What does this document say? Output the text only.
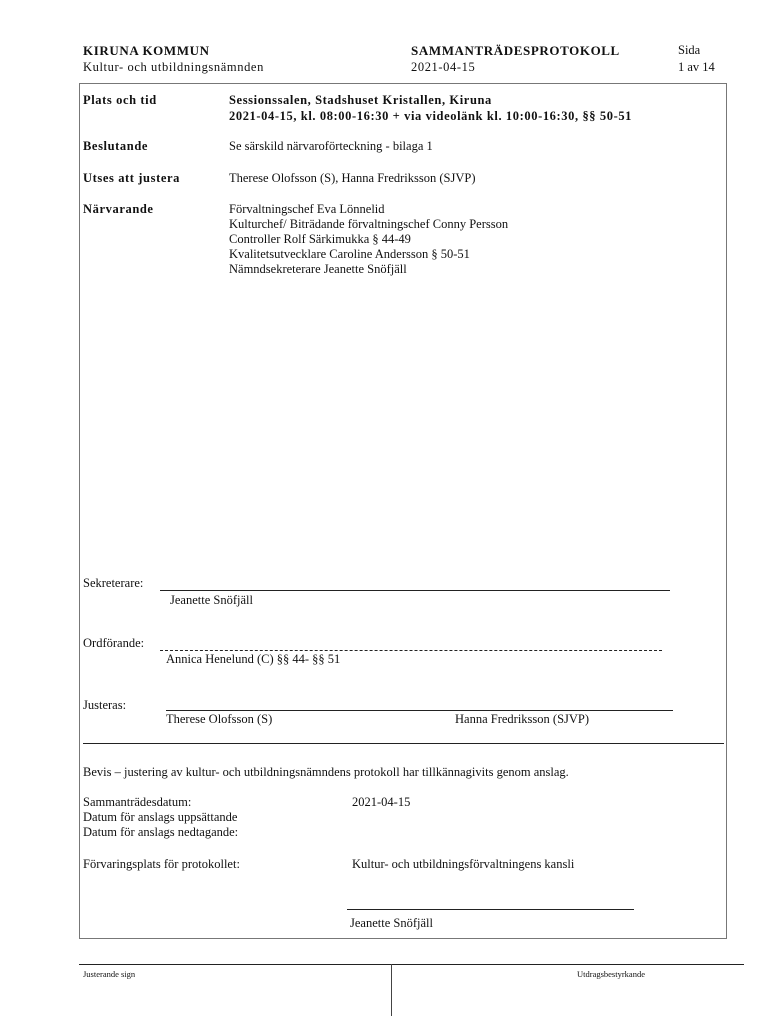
KIRUNA KOMMUN
Kultur- och utbildningsnämnden
SAMMANTRÄDESPROTOKOLL
2021-04-15
Sida
1 av 14
Plats och tid	Sessionssalen, Stadshuset Kristallen, Kiruna
2021-04-15, kl. 08:00-16:30 + via videolänk kl. 10:00-16:30, §§ 50-51
Beslutande	Se särskild närvaroförteckning - bilaga 1
Utses att justera	Therese Olofsson (S), Hanna Fredriksson (SJVP)
Närvarande	Förvaltningschef Eva Lönnelid
Kulturchef/ Biträdande förvaltningschef Conny Persson
Controller Rolf Särkimukka § 44-49
Kvalitetsutvecklare Caroline Andersson § 50-51
Nämndsekreterare Jeanette Snöfjäll
Sekreterare:
Jeanette Snöfjäll
Ordförande:
Annica Henelund (C) §§ 44- §§ 51
Justeras:
Therese Olofsson (S)	Hanna Fredriksson (SJVP)
Bevis – justering av kultur- och utbildningsnämndens protokoll har tillkännagivits genom anslag.
Sammanträdesdatum:	2021-04-15
Datum för anslags uppsättande
Datum för anslags nedtagande:
Förvaringsplats för protokollet:	Kultur- och utbildningsförvaltningens kansli
Jeanette Snöfjäll
Justerande sign	Utdragsbestyrkande
